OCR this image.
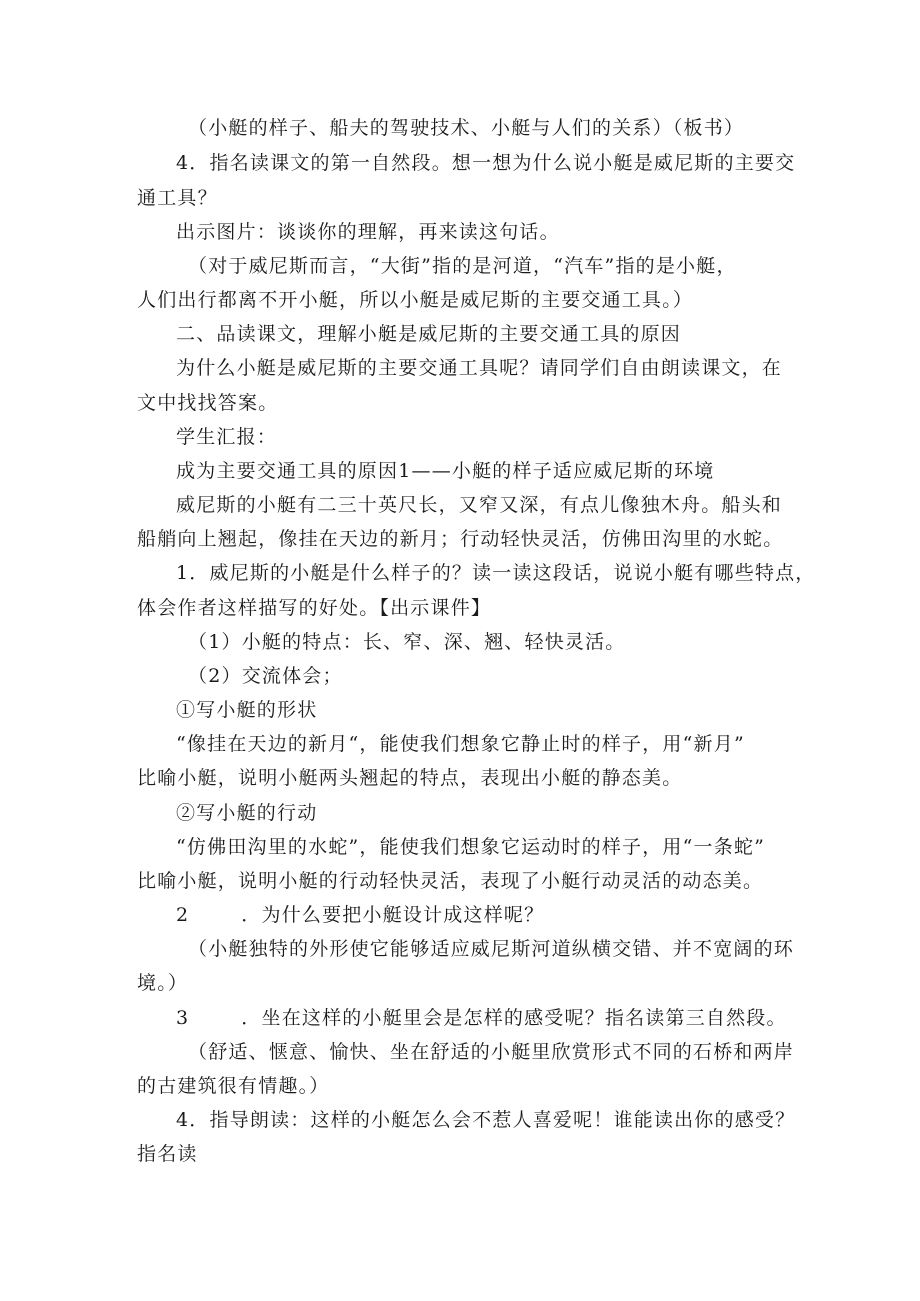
（小艇的样子、船夫的驾驶技术、小艇与人们的关系）（板书）
4．指名读课文的第一自然段。想一想为什么说小艇是威尼斯的主要交
通工具？
出示图片：谈谈你的理解，再来读这句话。
（对于威尼斯而言，“大街”指的是河道，“汽车”指的是小艇，
人们出行都离不开小艇，所以小艇是威尼斯的主要交通工具。）
二、品读课文，理解小艇是威尼斯的主要交通工具的原因
为什么小艇是威尼斯的主要交通工具呢？请同学们自由朗读课文，在
文中找找答案。
学生汇报：
成为主要交通工具的原因1——小艇的样子适应威尼斯的环境
威尼斯的小艇有二三十英尺长，又窄又深，有点儿像独木舟。船头和
船艄向上翘起，像挂在天边的新月；行动轻快灵活，仿佛田沟里的水蛇。
1．威尼斯的小艇是什么样子的？读一读这段话，说说小艇有哪些特点，
体会作者这样描写的好处。【出示课件】
（1）小艇的特点：长、窄、深、翘、轻快灵活。
（2）交流体会；
①写小艇的形状
“像挂在天边的新月“，能使我们想象它静止时的样子，用“新月”
比喻小艇，说明小艇两头翘起的特点，表现出小艇的静态美。
②写小艇的行动
“仿佛田沟里的水蛇”，能使我们想象它运动时的样子，用“一条蛇”
比喻小艇，说明小艇的行动轻快灵活，表现了小艇行动灵活的动态美。
2	．为什么要把小艇设计成这样呢？
（小艇独特的外形使它能够适应威尼斯河道纵横交错、并不宽阔的环
境。）
3	．坐在这样的小艇里会是怎样的感受呢？指名读第三自然段。
（舒适、惬意、愉快、坐在舒适的小艇里欣赏形式不同的石桥和两岸
的古建筑很有情趣。）
4．指导朗读：这样的小艇怎么会不惹人喜爱呢！谁能读出你的感受？
指名读
